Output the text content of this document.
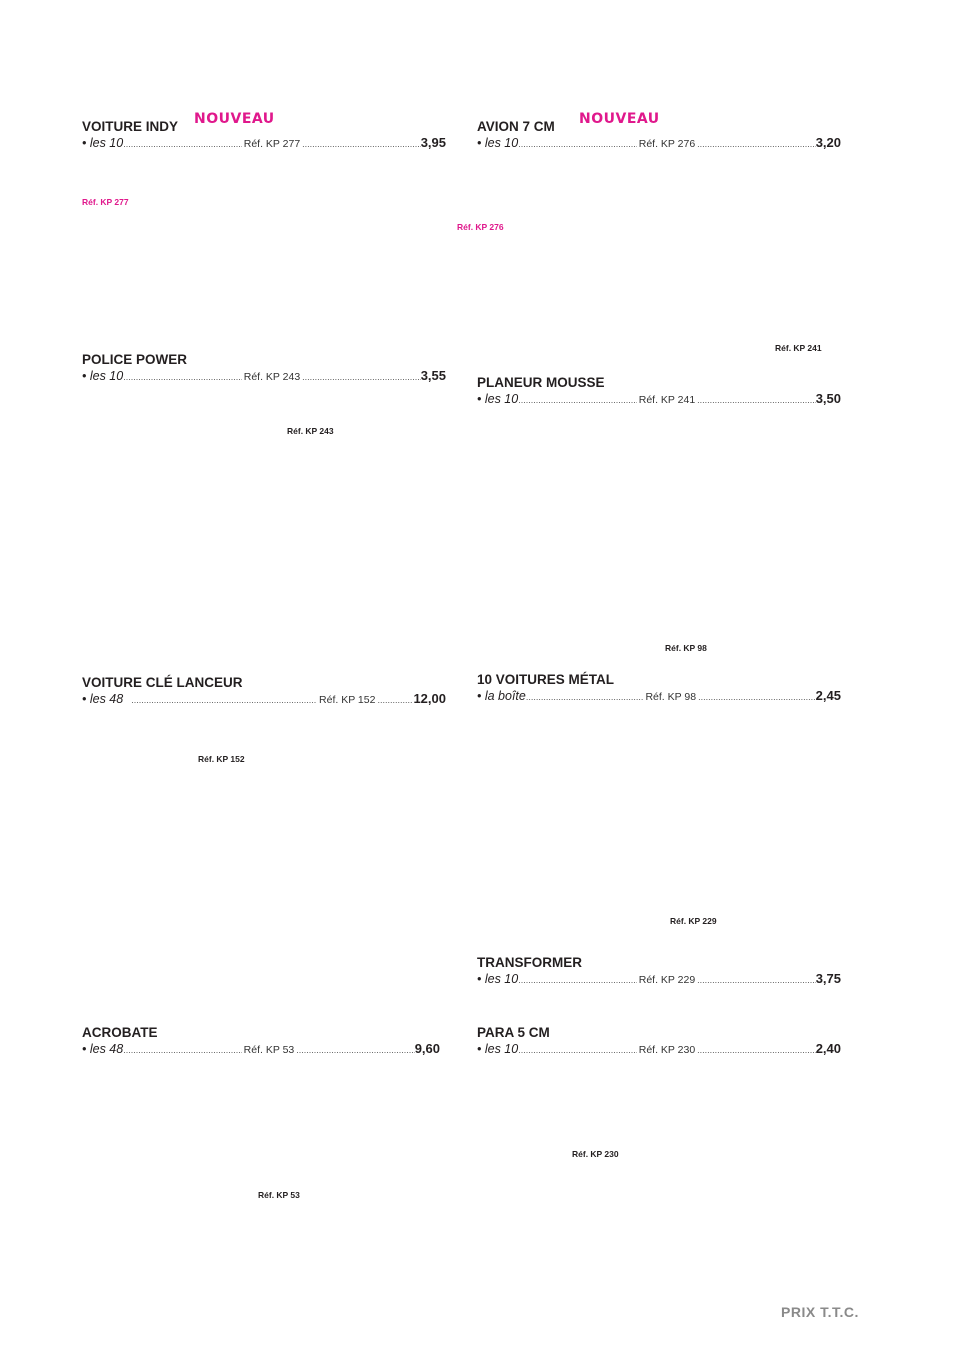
VOITURE INDY
• les 10 .....	Réf. KP 277 .....	3,95
NOUVEAU
Réf. KP 277
AVION 7 CM
• les 10 .....	Réf. KP 276 .....	3,20
NOUVEAU
Réf. KP 276
POLICE POWER
• les 10 .....	Réf. KP 243 .....	3,55
Réf. KP 243
Réf. KP 241
PLANEUR MOUSSE
• les 10 .....	Réf. KP 241 .....	3,50
VOITURE CLÉ LANCEUR
• les 48 .....	Réf. KP 152 .....	12,00
Réf. KP 152
Réf. KP 98
10 VOITURES MÉTAL
• la boîte .....	Réf. KP 98 .....	2,45
Réf. KP 229
TRANSFORMER
• les 10 .....	Réf. KP 229 .....	3,75
ACROBATE
• les 48 .....	Réf. KP 53 .....	9,60
Réf. KP 53
PARA 5 CM
• les 10 .....	Réf. KP 230 .....	2,40
Réf. KP 230
PRIX T.T.C.
